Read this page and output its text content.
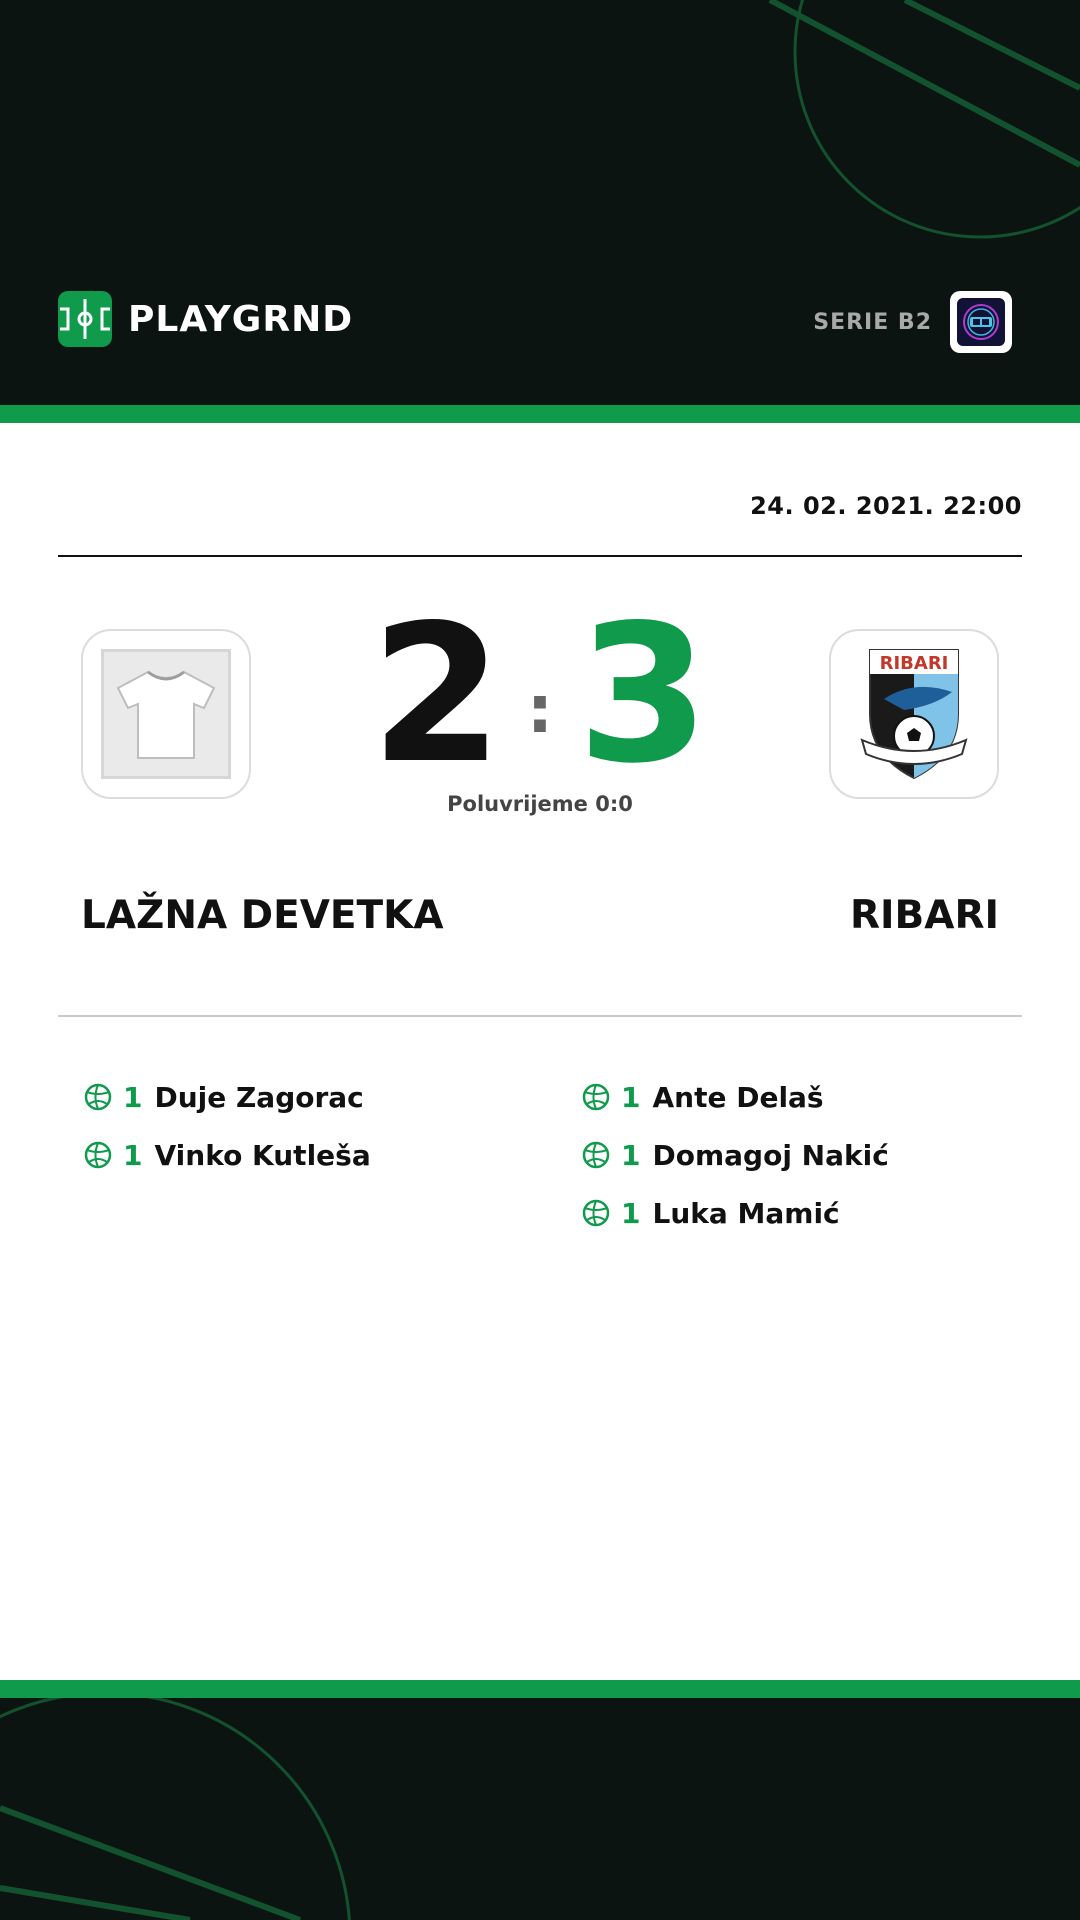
PLAYGRND	SERIE B2
24. 02. 2021. 22:00
RIBARI
2 : 3
Poluvrijeme 0:0
LAŽNA DEVETKA	RIBARI
1 Duje Zagorac
1 Vinko Kutleša
1 Ante Delaš
1 Domagoj Nakić
1 Luka Mamić
